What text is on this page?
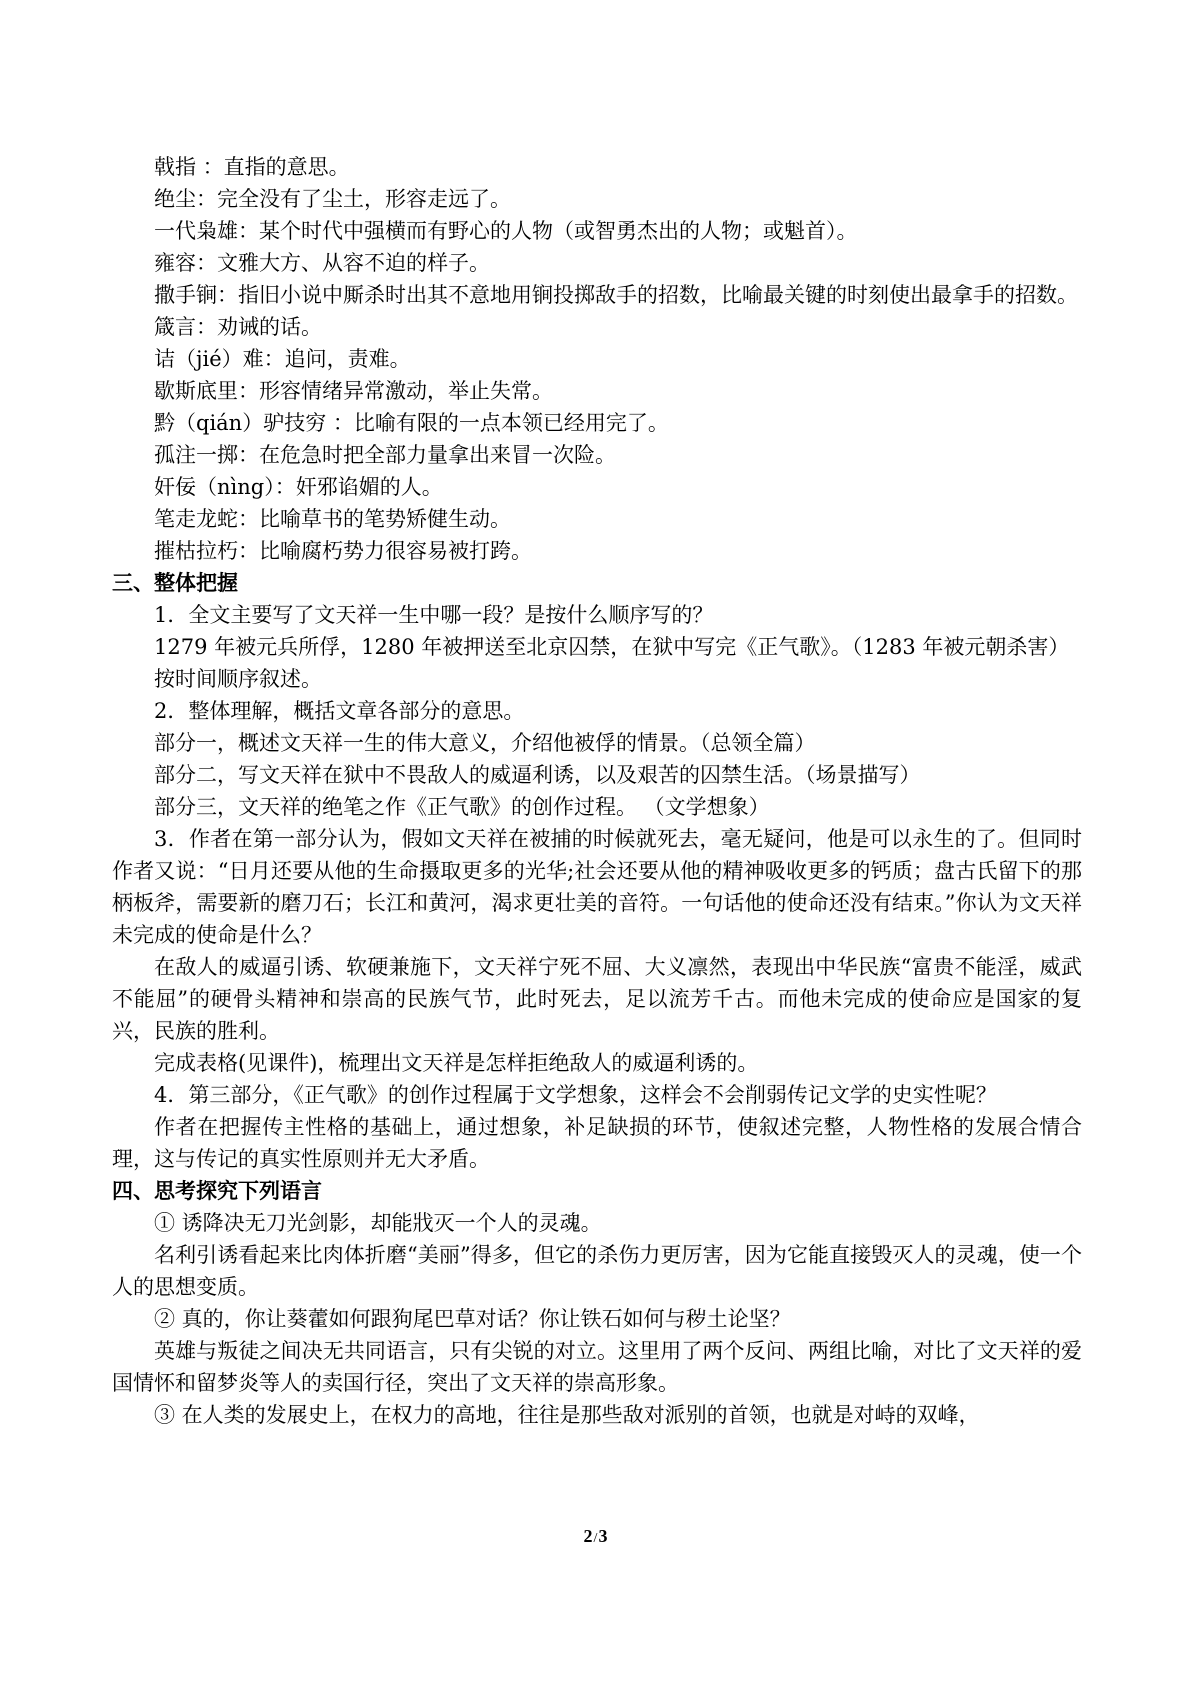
戟指 ：直指的意思。

绝尘：完全没有了尘土，形容走远了。

一代枭雄：某个时代中强横而有野心的人物（或智勇杰出的人物；或魁首）。

雍容：文雅大方、从容不迫的样子。

撒手锏：指旧小说中厮杀时出其不意地用锏投掷敌手的招数，比喻最关键的时刻使出最拿手的招数。

箴言：劝诫的话。

诘（jié）难：追问，责难。

歇斯底里：形容情绪异常激动，举止失常。

黔（qián）驴技穷 ：比喻有限的一点本领已经用完了。

孤注一掷：在危急时把全部力量拿出来冒一次险。

奸佞（nìng）：奸邪谄媚的人。

笔走龙蛇：比喻草书的笔势矫健生动。

摧枯拉朽：比喻腐朽势力很容易被打跨。

三、整体把握

1．全文主要写了文天祥一生中哪一段？是按什么顺序写的？

1279 年被元兵所俘，1280 年被押送至北京囚禁，在狱中写完《正气歌》。（1283 年被元朝杀害）

按时间顺序叙述。

2．整体理解，概括文章各部分的意思。

部分一，概述文天祥一生的伟大意义，介绍他被俘的情景。（总领全篇）

部分二，写文天祥在狱中不畏敌人的威逼利诱，以及艰苦的囚禁生活。（场景描写）

部分三，文天祥的绝笔之作《正气歌》的创作过程。 （文学想象）

3．作者在第一部分认为，假如文天祥在被捕的时候就死去，毫无疑问，他是可以永生的了。但同时作者又说：“日月还要从他的生命摄取更多的光华;社会还要从他的精神吸收更多的钙质；盘古氏留下的那柄板斧，需要新的磨刀石；长江和黄河，渴求更壮美的音符。一句话他的使命还没有结束。”你认为文天祥未完成的使命是什么？

在敌人的威逼引诱、软硬兼施下，文天祥宁死不屈、大义凛然，表现出中华民族“富贵不能淫，威武不能屈”的硬骨头精神和崇高的民族气节，此时死去，足以流芳千古。而他未完成的使命应是国家的复兴，民族的胜利。

完成表格(见课件)，梳理出文天祥是怎样拒绝敌人的威逼利诱的。

4．第三部分，《正气歌》的创作过程属于文学想象，这样会不会削弱传记文学的史实性呢？

作者在把握传主性格的基础上，通过想象，补足缺损的环节，使叙述完整，人物性格的发展合情合理，这与传记的真实性原则并无大矛盾。

四、思考探究下列语言

① 诱降决无刀光剑影，却能戕灭一个人的灵魂。

名利引诱看起来比肉体折磨“美丽”得多，但它的杀伤力更厉害，因为它能直接毁灭人的灵魂，使一个人的思想变质。

② 真的，你让葵藿如何跟狗尾巴草对话？你让铁石如何与秽土论坚？

英雄与叛徒之间决无共同语言，只有尖锐的对立。这里用了两个反问、两组比喻，对比了文天祥的爱国情怀和留梦炎等人的卖国行径，突出了文天祥的崇高形象。

③ 在人类的发展史上，在权力的高地，往往是那些敌对派别的首领，也就是对峙的双峰，

2/3
